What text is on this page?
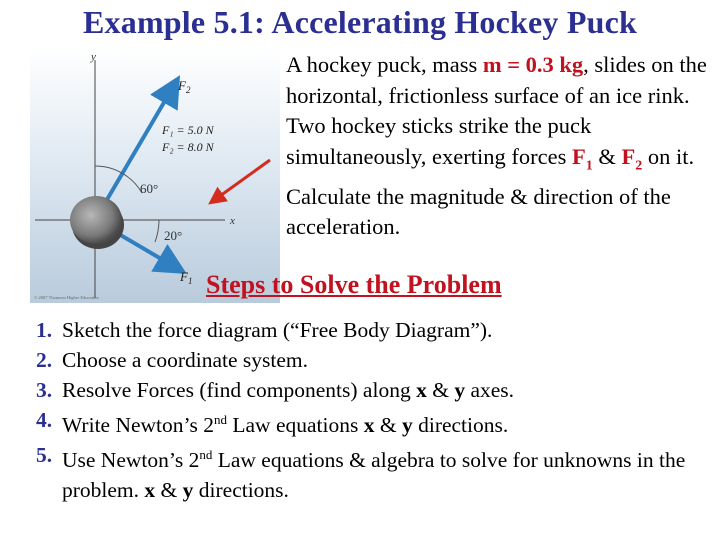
Example 5.1: Accelerating Hockey Puck
y
x
60°
20°
$F_2$
$F_1$
F₁ = 5.0 N
F₂ = 8.0 N
© 2007 Thomson Higher Education
A hockey puck, mass m = 0.3 kg, slides on the horizontal, frictionless surface of an ice rink. Two hockey sticks strike the puck simultaneously, exerting forces $F_1$ & $F_2$ on it. Calculate the magnitude & direction of the acceleration.
Steps to Solve the Problem
1. Sketch the force diagram (“Free Body Diagram”).
2. Choose a coordinate system.
3. Resolve Forces (find components) along x & y axes.
4. Write Newton’s 2nd Law equations x & y directions.
5. Use Newton’s 2nd Law equations & algebra to solve for unknowns in the problem. x & y directions.
